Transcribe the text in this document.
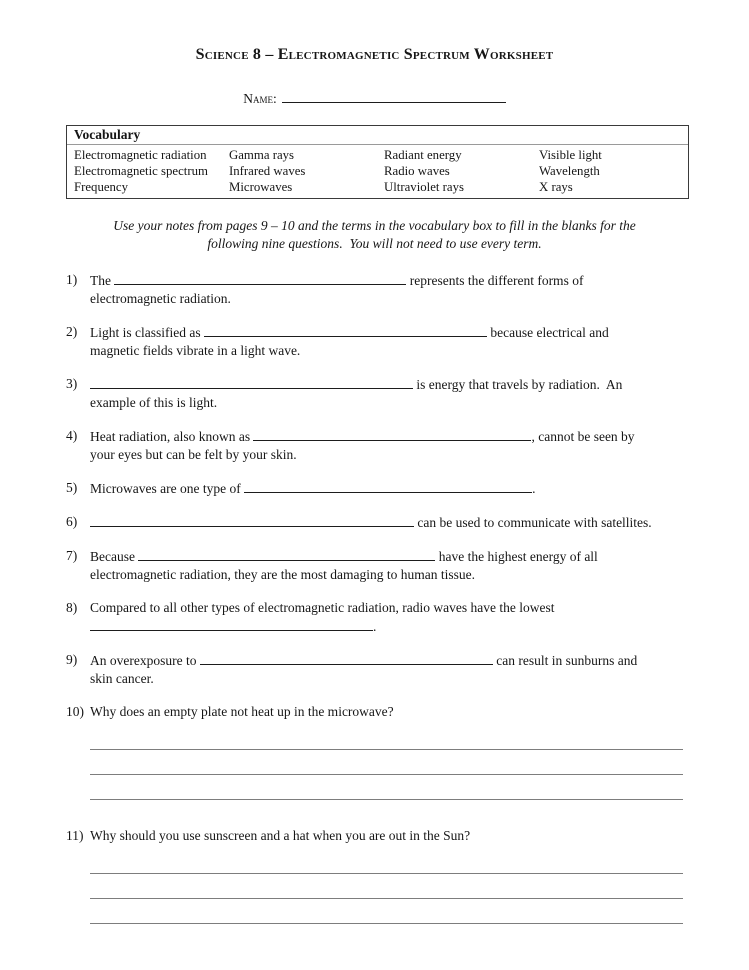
Science 8 – Electromagnetic Spectrum Worksheet
Name:
Vocabulary
Electromagnetic radiation	Gamma rays	Radiant energy	Visible light
Electromagnetic spectrum	Infrared waves	Radio waves	Wavelength
Frequency	Microwaves	Ultraviolet rays	X rays
Use your notes from pages 9 – 10 and the terms in the vocabulary box to fill in the blanks for the
following nine questions.  You will not need to use every term.
1) The	represents the different forms of
electromagnetic radiation.
2) Light is classified as	because electrical and
magnetic fields vibrate in a light wave.
3)	is energy that travels by radiation.  An
example of this is light.
4) Heat radiation, also known as	, cannot be seen by
your eyes but can be felt by your skin.
5) Microwaves are one type of	.
6)	can be used to communicate with satellites.
7) Because	have the highest energy of all
electromagnetic radiation, they are the most damaging to human tissue.
8) Compared to all other types of electromagnetic radiation, radio waves have the lowest
.
9) An overexposure to	can result in sunburns and
skin cancer.
10) Why does an empty plate not heat up in the microwave?
11) Why should you use sunscreen and a hat when you are out in the Sun?
